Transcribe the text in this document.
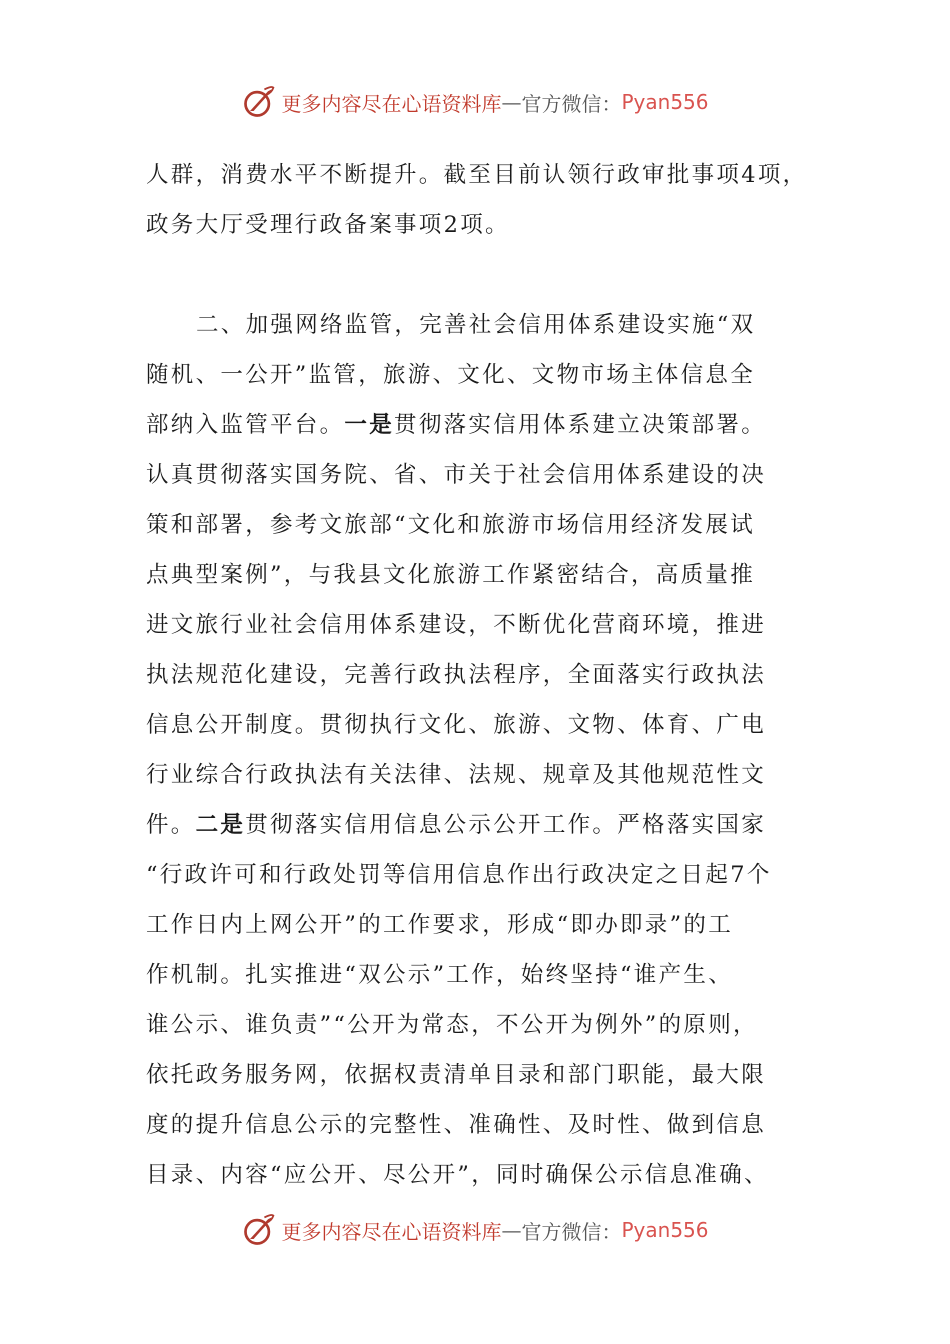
更多内容尽在心语资料库 — 官方微信： Pyan556
人群，消费水平不断提升。截至目前认领行政审批事项4项，
政务大厅受理行政备案事项2项。
二、加强网络监管，完善社会信用体系建设实施“双
随机、一公开”监管，旅游、文化、文物市场主体信息全
部纳入监管平台。一是贯彻落实信用体系建立决策部署。
认真贯彻落实国务院、省、市关于社会信用体系建设的决
策和部署，参考文旅部“文化和旅游市场信用经济发展试
点典型案例”，与我县文化旅游工作紧密结合，高质量推
进文旅行业社会信用体系建设，不断优化营商环境，推进
执法规范化建设，完善行政执法程序，全面落实行政执法
信息公开制度。贯彻执行文化、旅游、文物、体育、广电
行业综合行政执法有关法律、法规、规章及其他规范性文
件。二是贯彻落实信用信息公示公开工作。严格落实国家
“行政许可和行政处罚等信用信息作出行政决定之日起7个
工作日内上网公开”的工作要求，形成“即办即录”的工
作机制。扎实推进“双公示”工作，始终坚持“谁产生、
谁公示、谁负责”“公开为常态，不公开为例外”的原则，
依托政务服务网，依据权责清单目录和部门职能，最大限
度的提升信息公示的完整性、准确性、及时性、做到信息
目录、内容“应公开、尽公开”，同时确保公示信息准确、
更多内容尽在心语资料库 — 官方微信： Pyan556
